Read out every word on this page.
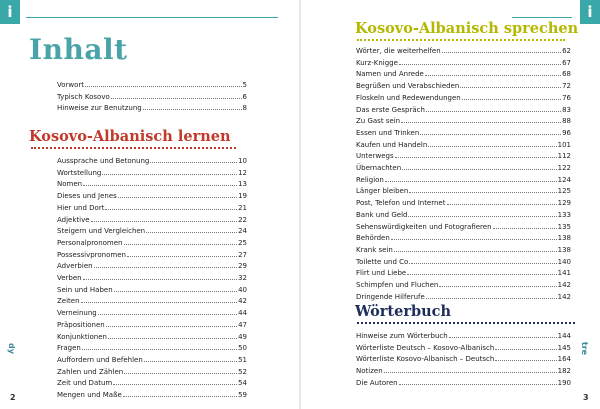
i
Inhalt
Vorwort	5
Typisch Kosovo	6
Hinweise zur Benutzung	8
Kosovo-Albanisch lernen
Aussprache und Betonung	10
Wortstellung	12
Nomen	13
Dieses und Jenes	19
Hier und Dort	21
Adjektive	22
Steigern und Vergleichen	24
Personalpronomen	25
Possessivpronomen	27
Adverbien	29
Verben	32
Sein und Haben	40
Zeiten	42
Verneinung	44
Präpositionen	47
Konjunktionen	49
Fragen	50
Auffordern und Befehlen	51
Zahlen und Zählen	52
Zeit und Datum	54
Mengen und Maße	59
dy
2
i
Kosovo-Albanisch sprechen
Wörter, die weiterhelfen	62
Kurz-Knigge	67
Namen und Anrede	68
Begrüßen und Verabschieden	72
Floskeln und Redewendungen	76
Das erste Gespräch	83
Zu Gast sein	88
Essen und Trinken	96
Kaufen und Handeln	101
Unterwegs	112
Übernachten	122
Religion	124
Länger bleiben	125
Post, Telefon und Internet	129
Bank und Geld	133
Sehenswürdigkeiten und Fotografieren	135
Behörden	138
Krank sein	138
Toilette und Co.	140
Flirt und Liebe	141
Schimpfen und Fluchen	142
Dringende Hilferufe	142
Wörterbuch
Hinweise zum Wörterbuch	144
Wörterliste Deutsch – Kosovo-Albanisch	145
Wörterliste Kosovo-Albanisch – Deutsch	164
Notizen	182
Die Autoren	190
tre
3
